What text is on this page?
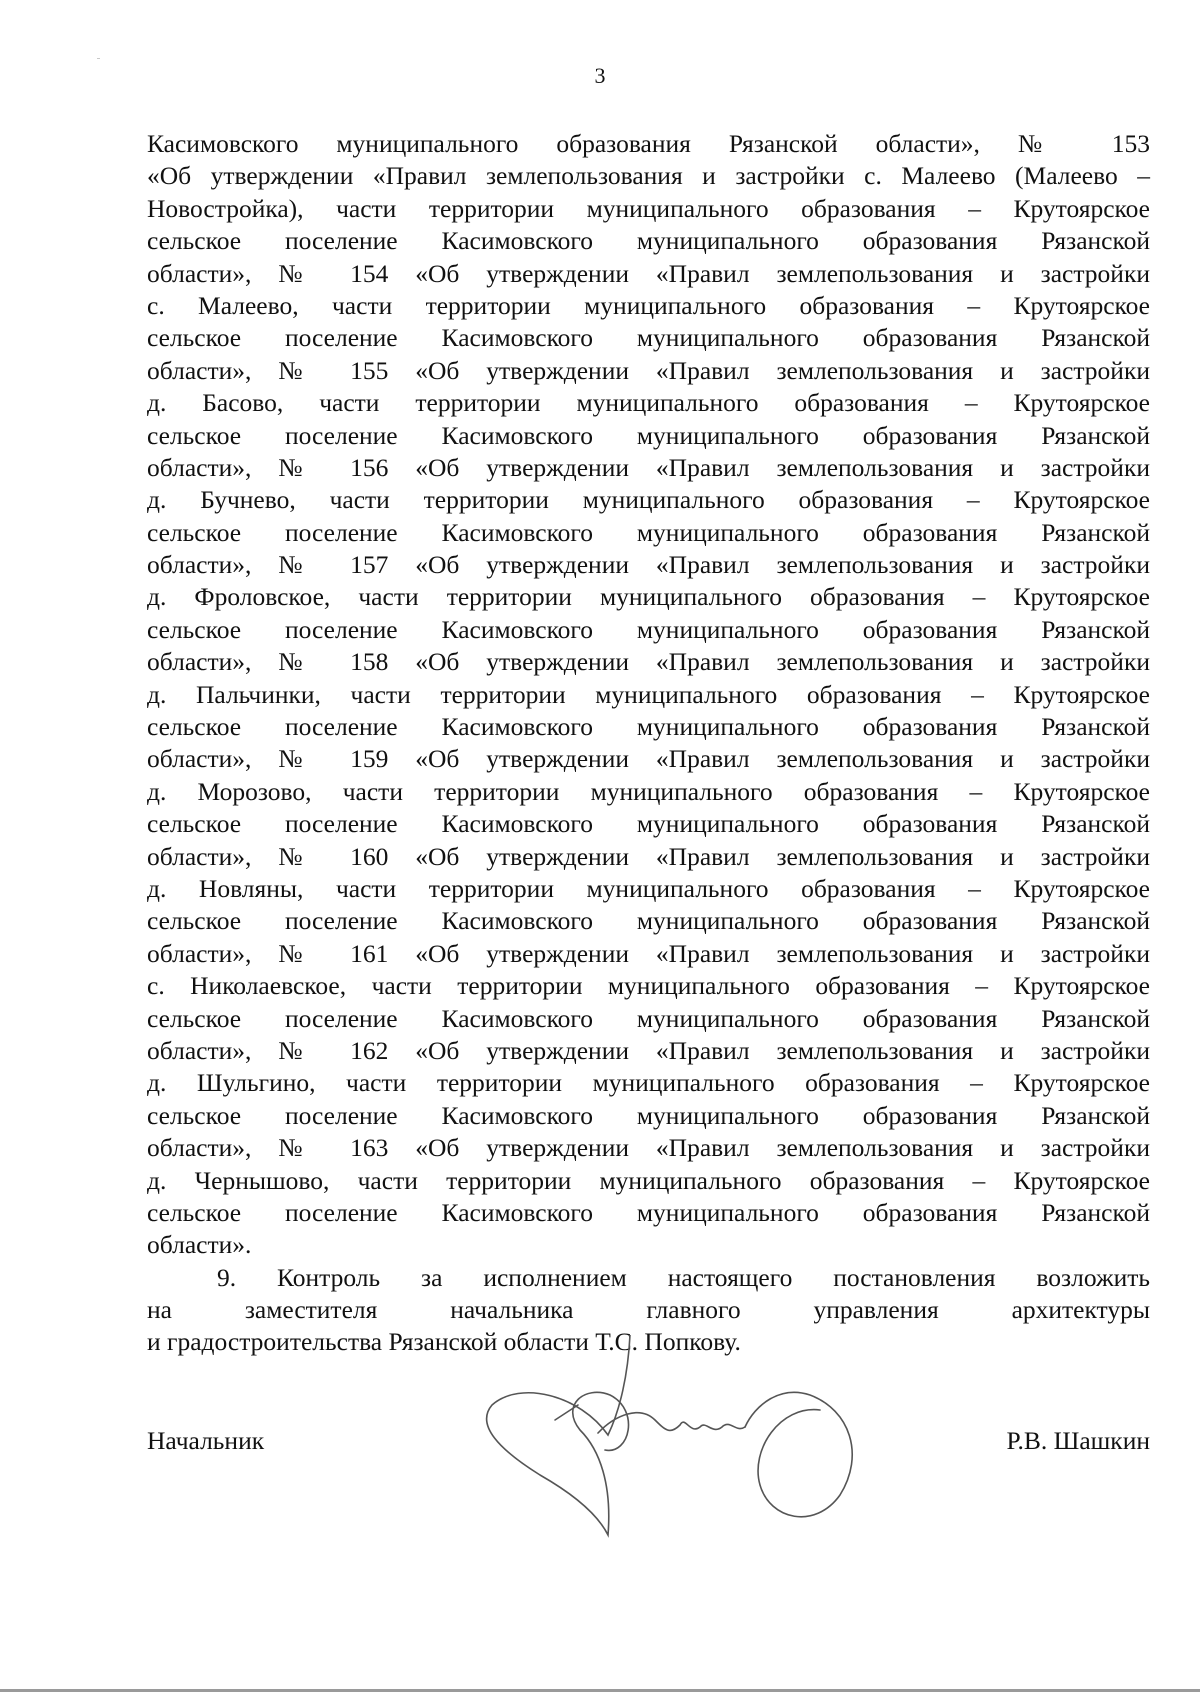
3
Касимовского муниципального образования Рязанской области», № 153
«Об утверждении «Правил землепользования и застройки с. Малеево (Малеево –
Новостройка), части территории муниципального образования – Крутоярское
сельское поселение Касимовского муниципального образования Рязанской
области», № 154 «Об утверждении «Правил землепользования и застройки
с. Малеево, части территории муниципального образования – Крутоярское
сельское поселение Касимовского муниципального образования Рязанской
области», № 155 «Об утверждении «Правил землепользования и застройки
д. Басово, части территории муниципального образования – Крутоярское
сельское поселение Касимовского муниципального образования Рязанской
области», № 156 «Об утверждении «Правил землепользования и застройки
д. Бучнево, части территории муниципального образования – Крутоярское
сельское поселение Касимовского муниципального образования Рязанской
области», № 157 «Об утверждении «Правил землепользования и застройки
д. Фроловское, части территории муниципального образования – Крутоярское
сельское поселение Касимовского муниципального образования Рязанской
области», № 158 «Об утверждении «Правил землепользования и застройки
д. Пальчинки, части территории муниципального образования – Крутоярское
сельское поселение Касимовского муниципального образования Рязанской
области», № 159 «Об утверждении «Правил землепользования и застройки
д. Морозово, части территории муниципального образования – Крутоярское
сельское поселение Касимовского муниципального образования Рязанской
области», № 160 «Об утверждении «Правил землепользования и застройки
д. Новляны, части территории муниципального образования – Крутоярское
сельское поселение Касимовского муниципального образования Рязанской
области», № 161 «Об утверждении «Правил землепользования и застройки
с. Николаевское, части территории муниципального образования – Крутоярское
сельское поселение Касимовского муниципального образования Рязанской
области», № 162 «Об утверждении «Правил землепользования и застройки
д. Шульгино, части территории муниципального образования – Крутоярское
сельское поселение Касимовского муниципального образования Рязанской
области», № 163 «Об утверждении «Правил землепользования и застройки
д. Чернышово, части территории муниципального образования – Крутоярское
сельское поселение Касимовского муниципального образования Рязанской
области».
9. Контроль за исполнением настоящего постановления возложить
на заместителя начальника главного управления архитектуры
и градостроительства Рязанской области Т.С. Попкову.
Начальник	Р.В. Шашкин
